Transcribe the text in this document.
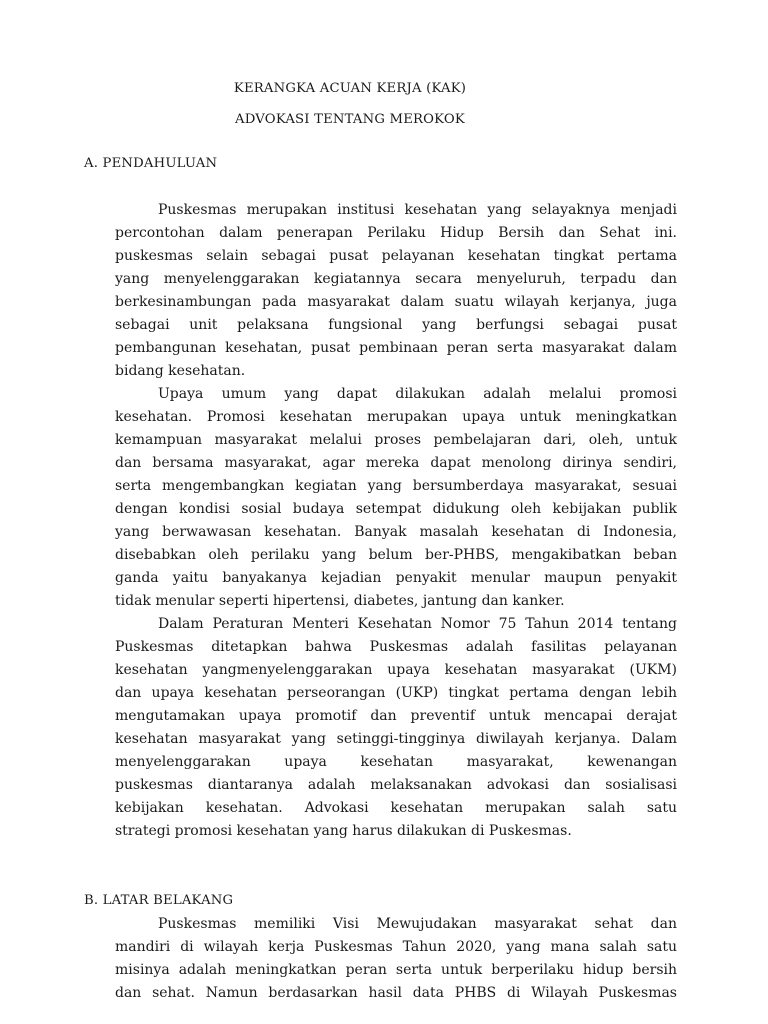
KERANGKA ACUAN KERJA (KAK)
ADVOKASI TENTANG MEROKOK
A. PENDAHULUAN
Puskesmas merupakan institusi kesehatan yang selayaknya menjadi
percontohan dalam penerapan Perilaku Hidup Bersih dan Sehat ini.
puskesmas selain sebagai pusat pelayanan kesehatan tingkat pertama
yang menyelenggarakan kegiatannya secara menyeluruh, terpadu dan
berkesinambungan pada masyarakat dalam suatu wilayah kerjanya, juga
sebagai unit pelaksana fungsional yang berfungsi sebagai pusat
pembangunan kesehatan, pusat pembinaan peran serta masyarakat dalam
bidang kesehatan.
Upaya umum yang dapat dilakukan adalah melalui promosi
kesehatan. Promosi kesehatan merupakan upaya untuk meningkatkan
kemampuan masyarakat melalui proses pembelajaran dari, oleh, untuk
dan bersama masyarakat, agar mereka dapat menolong dirinya sendiri,
serta mengembangkan kegiatan yang bersumberdaya masyarakat, sesuai
dengan kondisi sosial budaya setempat didukung oleh kebijakan publik
yang berwawasan kesehatan. Banyak masalah kesehatan di Indonesia,
disebabkan oleh perilaku yang belum ber-PHBS, mengakibatkan beban
ganda yaitu banyakanya kejadian penyakit menular maupun penyakit
tidak menular seperti hipertensi, diabetes, jantung dan kanker.
Dalam Peraturan Menteri Kesehatan Nomor 75 Tahun 2014 tentang
Puskesmas ditetapkan bahwa Puskesmas adalah fasilitas pelayanan
kesehatan yangmenyelenggarakan upaya kesehatan masyarakat (UKM)
dan upaya kesehatan perseorangan (UKP) tingkat pertama dengan lebih
mengutamakan upaya promotif dan preventif untuk mencapai derajat
kesehatan masyarakat yang setinggi-tingginya diwilayah kerjanya. Dalam
menyelenggarakan upaya kesehatan masyarakat, kewenangan
puskesmas diantaranya adalah melaksanakan advokasi dan sosialisasi
kebijakan kesehatan. Advokasi kesehatan merupakan salah satu
strategi promosi kesehatan yang harus dilakukan di Puskesmas.
B. LATAR BELAKANG
Puskesmas memiliki Visi Mewujudakan masyarakat sehat dan
mandiri di wilayah kerja Puskesmas Tahun 2020, yang mana salah satu
misinya adalah meningkatkan peran serta untuk berperilaku hidup bersih
dan sehat. Namun berdasarkan hasil data PHBS di Wilayah Puskesmas
